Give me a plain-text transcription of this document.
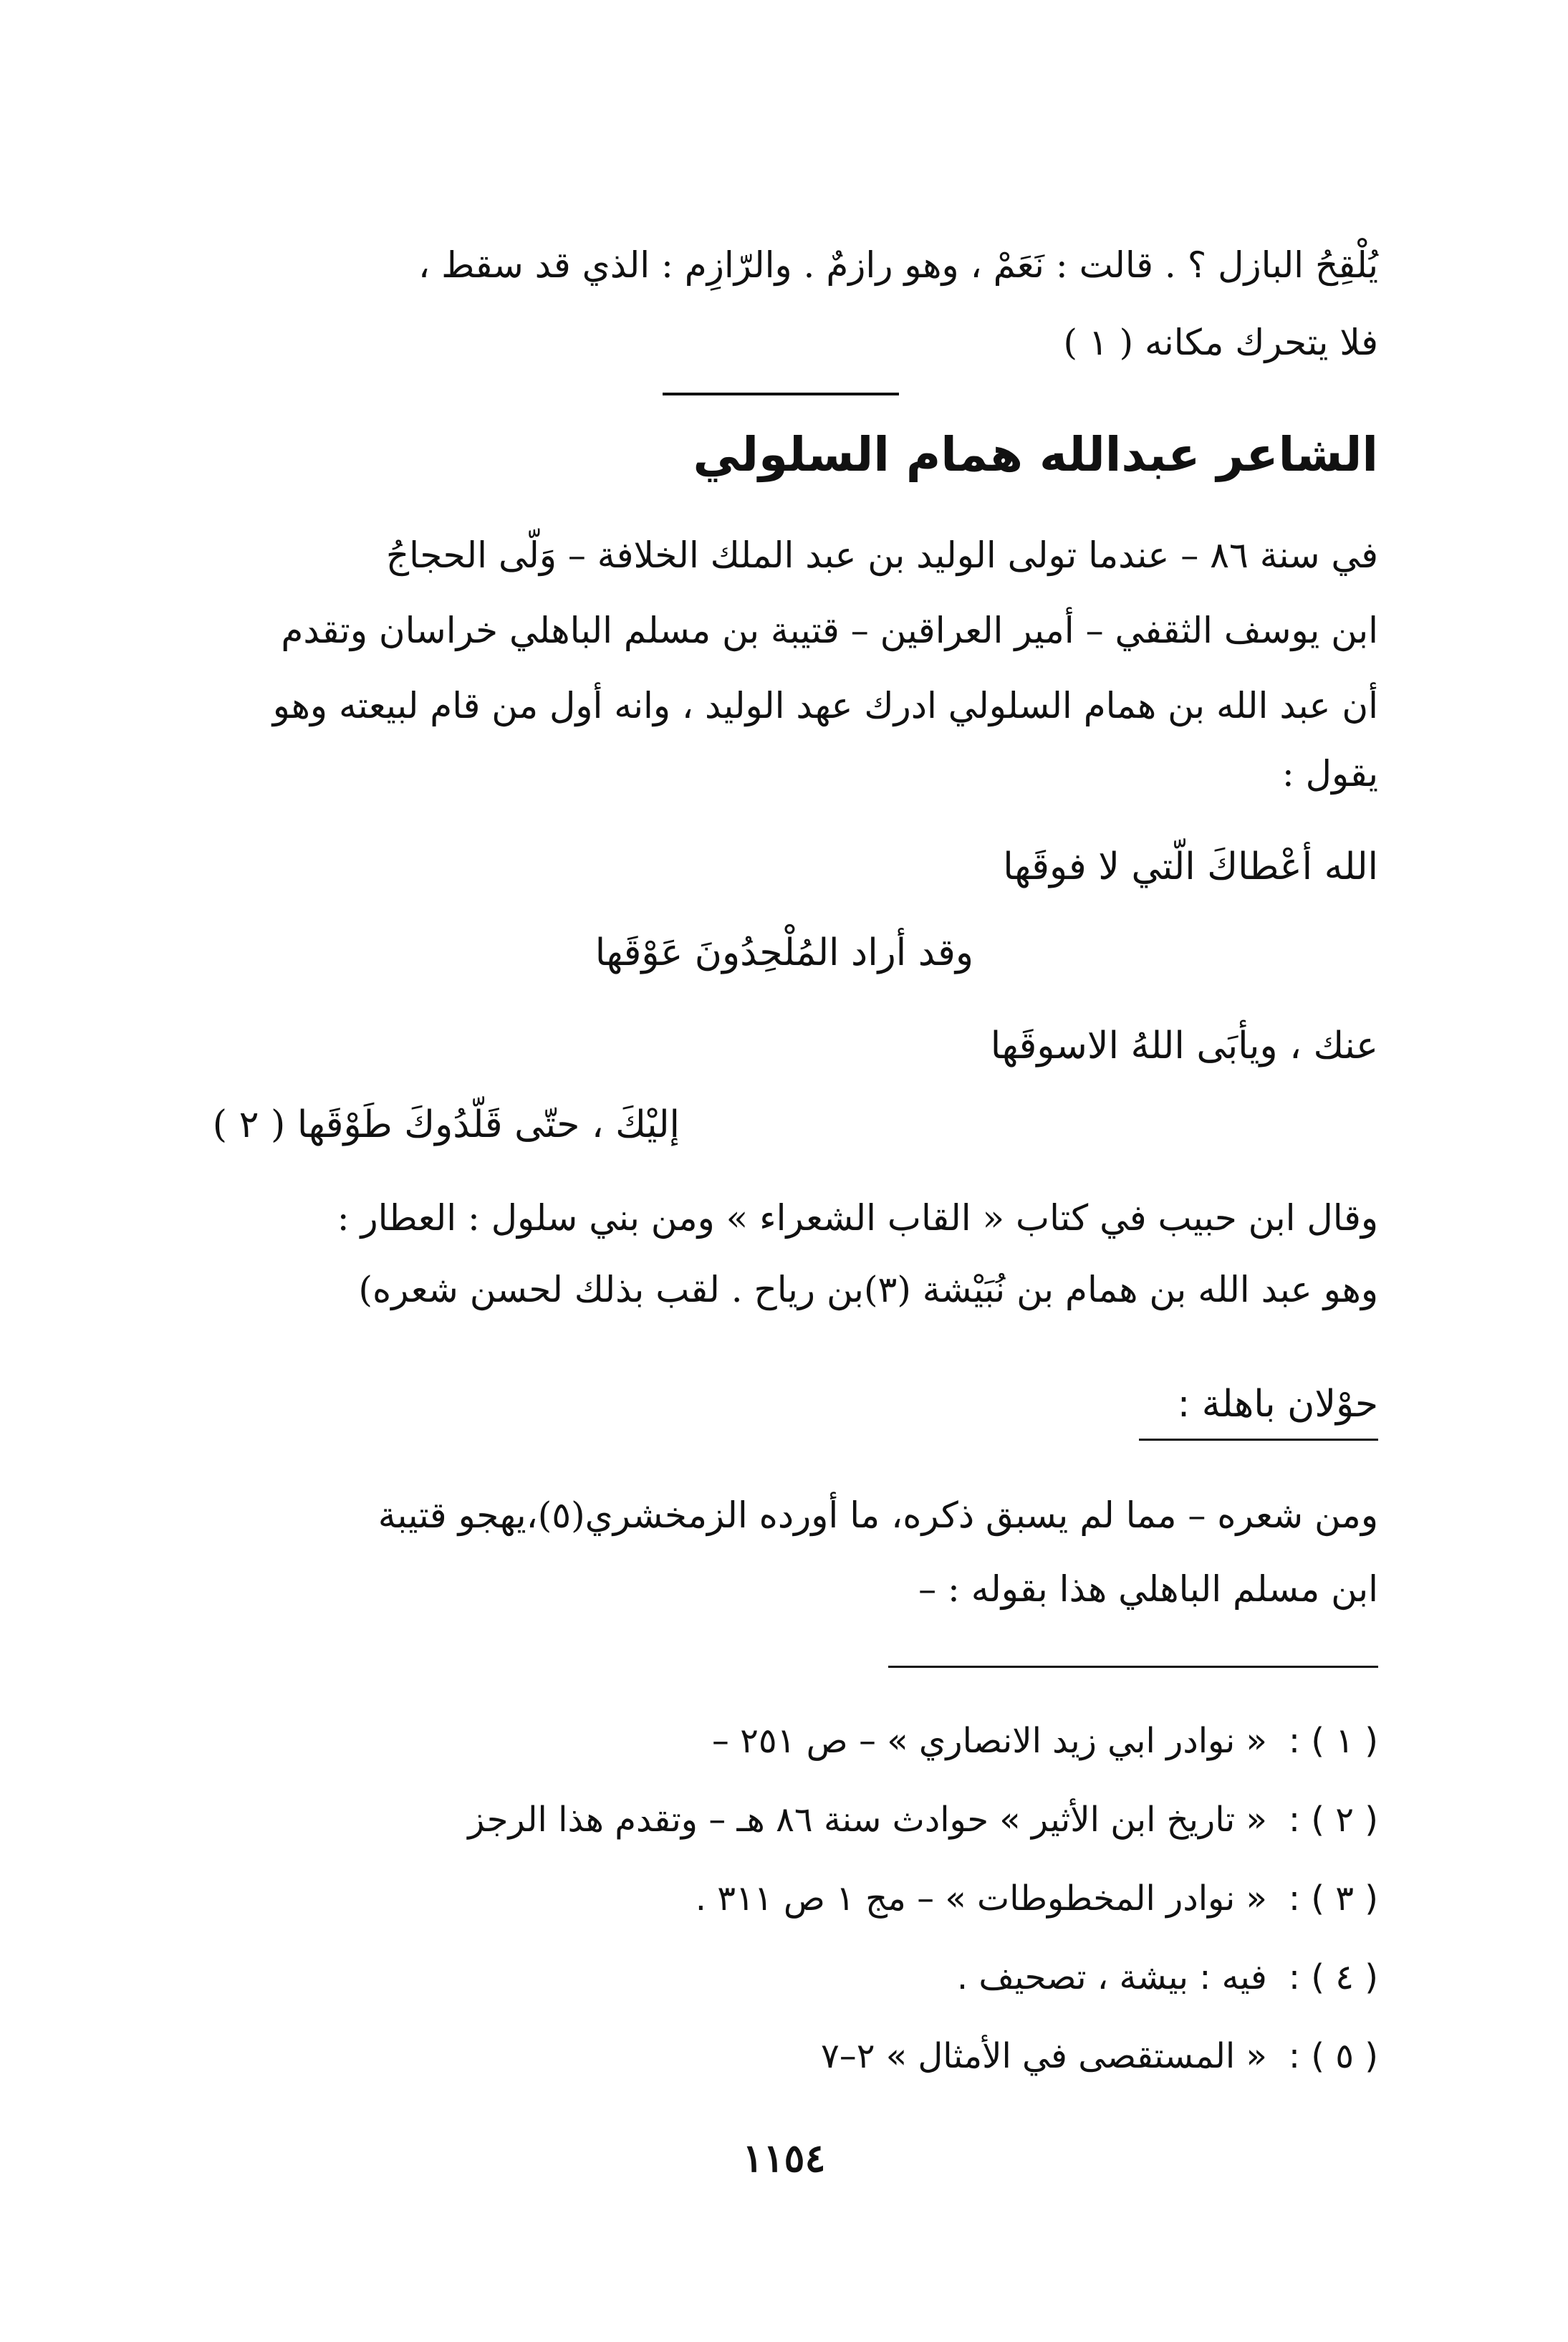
يُلْقِحُ البازل ؟ . قالت : نَعَمْ ، وهو رازمٌ . والرّازِم : الذي قد سقط ،
فلا يتحرك مكانه ( ١ )
الشاعر عبدالله همام السلولي
في سنة ٨٦ – عندما تولى الوليد بن عبد الملك الخلافة – وَلّى الحجاجُ
ابن يوسف الثقفي – أمير العراقين – قتيبة بن مسلم الباهلي خراسان وتقدم
أن عبد الله بن همام السلولي ادرك عهد الوليد ، وانه أول من قام لبيعته وهو
يقول :
الله أعْطاكَ الّتي لا فوقَها
وقد أراد المُلْحِدُونَ عَوْقَها
عنك ، ويأبَى اللهُ الاسوقَها
إليْكَ ، حتّى قَلّدُوكَ طَوْقَها ( ٢ )
وقال ابن حبيب في كتاب « القاب الشعراء » ومن بني سلول : العطار :
وهو عبد الله بن همام بن نُبَيْشة (٣)بن رياح . لقب بذلك لحسن شعره)
حوْلان باهلة :
ومن شعره – مما لم يسبق ذكره، ما أورده الزمخشري(٥)،يهجو قتيبة
ابن مسلم الباهلي هذا بقوله : –
( ١ ) :« نوادر ابي زيد الانصاري » – ص ٢٥١ –
( ٢ ) :« تاريخ ابن الأثير » حوادث سنة ٨٦ هـ – وتقدم هذا الرجز
( ٣ ) :« نوادر المخطوطات » – مج ١ ص ٣١١ .
( ٤ ) :فيه : بيشة ، تصحيف .
( ٥ ) :« المستقصى في الأمثال » ٢–٧
١١٥٤
